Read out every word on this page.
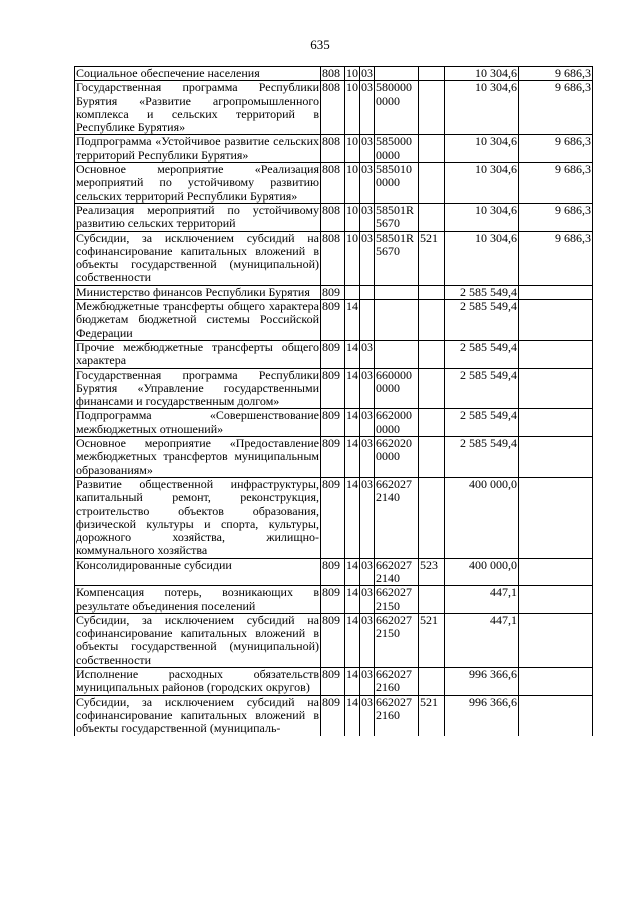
635
Социальное обеспечение населения	808	10	03			10 304,6	9 686,3
Государственная программа Республики Бурятия «Развитие агропромышленного комплекса и сельских территорий в Республике Бурятия»	808	10	03	580000 0000		10 304,6	9 686,3
Подпрограмма «Устойчивое развитие сельских территорий Республики Бурятия»	808	10	03	585000 0000		10 304,6	9 686,3
Основное мероприятие «Реализация мероприятий по устойчивому развитию сельских территорий Республики Бурятия»	808	10	03	585010 0000		10 304,6	9 686,3
Реализация мероприятий по устойчивому развитию сельских территорий	808	10	03	58501R 5670		10 304,6	9 686,3
Субсидии, за исключением субсидий на софинансирование капитальных вложений в объекты государственной (муниципальной) собственности	808	10	03	58501R 5670	521	10 304,6	9 686,3
Министерство финансов Республики Бурятия	809					2 585 549,4	
Межбюджетные трансферты общего характера бюджетам бюджетной системы Российской Федерации	809	14				2 585 549,4	
Прочие межбюджетные трансферты общего характера	809	14	03			2 585 549,4	
Государственная программа Республики Бурятия «Управление государственными финансами и государственным долгом»	809	14	03	660000 0000		2 585 549,4	
Подпрограмма «Совершенствование межбюджетных отношений»	809	14	03	662000 0000		2 585 549,4	
Основное мероприятие «Предоставление межбюджетных трансфертов муниципальным образованиям»	809	14	03	662020 0000		2 585 549,4	
Развитие общественной инфраструктуры, капитальный ремонт, реконструкция, строительство объектов образования, физической культуры и спорта, культуры, дорожного хозяйства, жилищно-коммунального хозяйства	809	14	03	662027 2140		400 000,0	
Консолидированные субсидии	809	14	03	662027 2140	523	400 000,0	
Компенсация потерь, возникающих в результате объединения поселений	809	14	03	662027 2150		447,1	
Субсидии, за исключением субсидий на софинансирование капитальных вложений в объекты государственной (муниципальной) собственности	809	14	03	662027 2150	521	447,1	
Исполнение расходных обязательств муниципальных районов (городских округов)	809	14	03	662027 2160		996 366,6	
Субсидии, за исключением субсидий на софинансирование капитальных вложений в объекты государственной (муниципаль-	809	14	03	662027 2160	521	996 366,6	
